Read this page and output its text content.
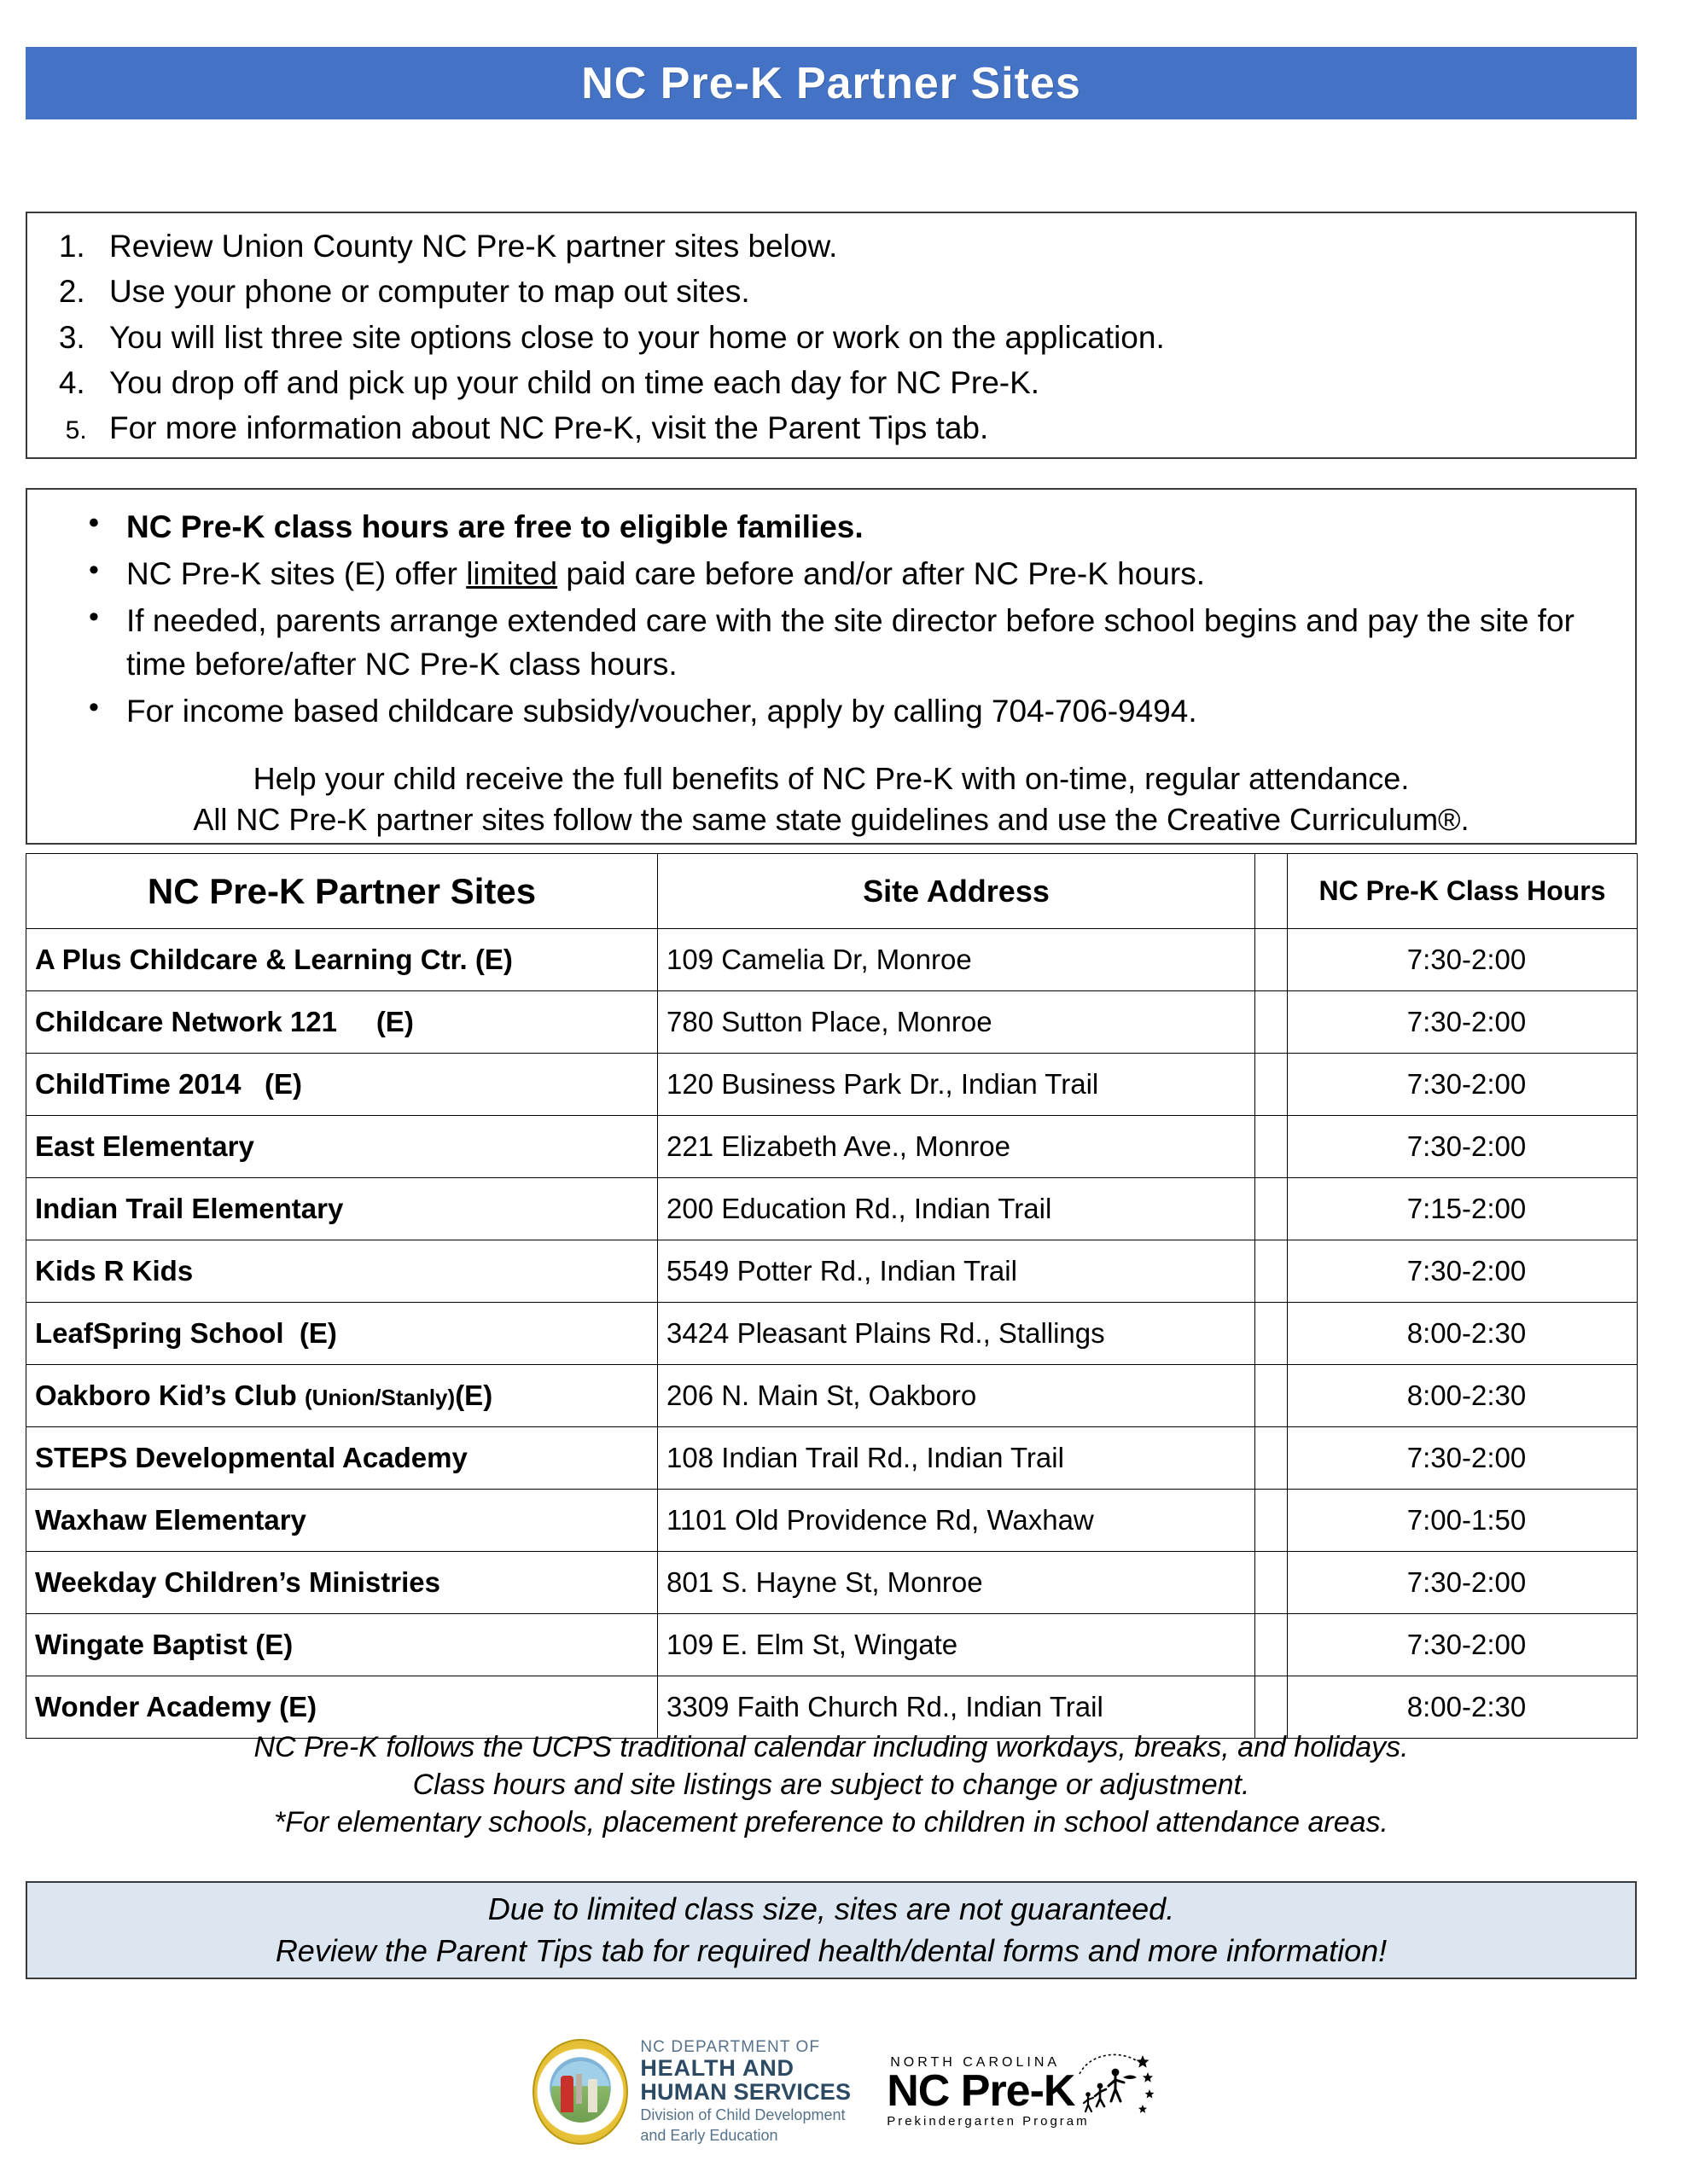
NC Pre-K Partner Sites
1. Review Union County NC Pre-K partner sites below.
2. Use your phone or computer to map out sites.
3. You will list three site options close to your home or work on the application.
4. You drop off and pick up your child on time each day for NC Pre-K.
5. For more information about NC Pre-K, visit the Parent Tips tab.
• NC Pre-K class hours are free to eligible families.
• NC Pre-K sites (E) offer limited paid care before and/or after NC Pre-K hours.
• If needed, parents arrange extended care with the site director before school begins and pay the site for time before/after NC Pre-K class hours.
• For income based childcare subsidy/voucher, apply by calling 704-706-9494.
Help your child receive the full benefits of NC Pre-K with on-time, regular attendance.
All NC Pre-K partner sites follow the same state guidelines and use the Creative Curriculum®.
NC Pre-K Partner Sites	Site Address		NC Pre-K Class Hours
A Plus Childcare & Learning Ctr. (E)	109 Camelia Dr, Monroe		7:30-2:00
Childcare Network 121     (E)	780 Sutton Place, Monroe		7:30-2:00
ChildTime 2014   (E)	120 Business Park Dr., Indian Trail		7:30-2:00
East Elementary	221 Elizabeth Ave., Monroe		7:30-2:00
Indian Trail Elementary	200 Education Rd., Indian Trail		7:15-2:00
Kids R Kids	5549 Potter Rd., Indian Trail		7:30-2:00
LeafSpring School  (E)	3424 Pleasant Plains Rd., Stallings		8:00-2:30
Oakboro Kid’s Club (Union/Stanly)(E)	206 N. Main St, Oakboro		8:00-2:30
STEPS Developmental Academy	108 Indian Trail Rd., Indian Trail		7:30-2:00
Waxhaw Elementary	1101 Old Providence Rd, Waxhaw		7:00-1:50
Weekday Children’s Ministries	801 S. Hayne St, Monroe		7:30-2:00
Wingate Baptist (E)	109 E. Elm St, Wingate		7:30-2:00
Wonder Academy (E)	3309 Faith Church Rd., Indian Trail		8:00-2:30
NC Pre-K follows the UCPS traditional calendar including workdays, breaks, and holidays.
Class hours and site listings are subject to change or adjustment.
*For elementary schools, placement preference to children in school attendance areas.
Due to limited class size, sites are not guaranteed.
Review the Parent Tips tab for required health/dental forms and more information!
NC DEPARTMENT OF
HEALTH AND
HUMAN SERVICES
Division of Child Development
and Early Education
NORTH CAROLINA
NC Pre-K
Prekindergarten Program
